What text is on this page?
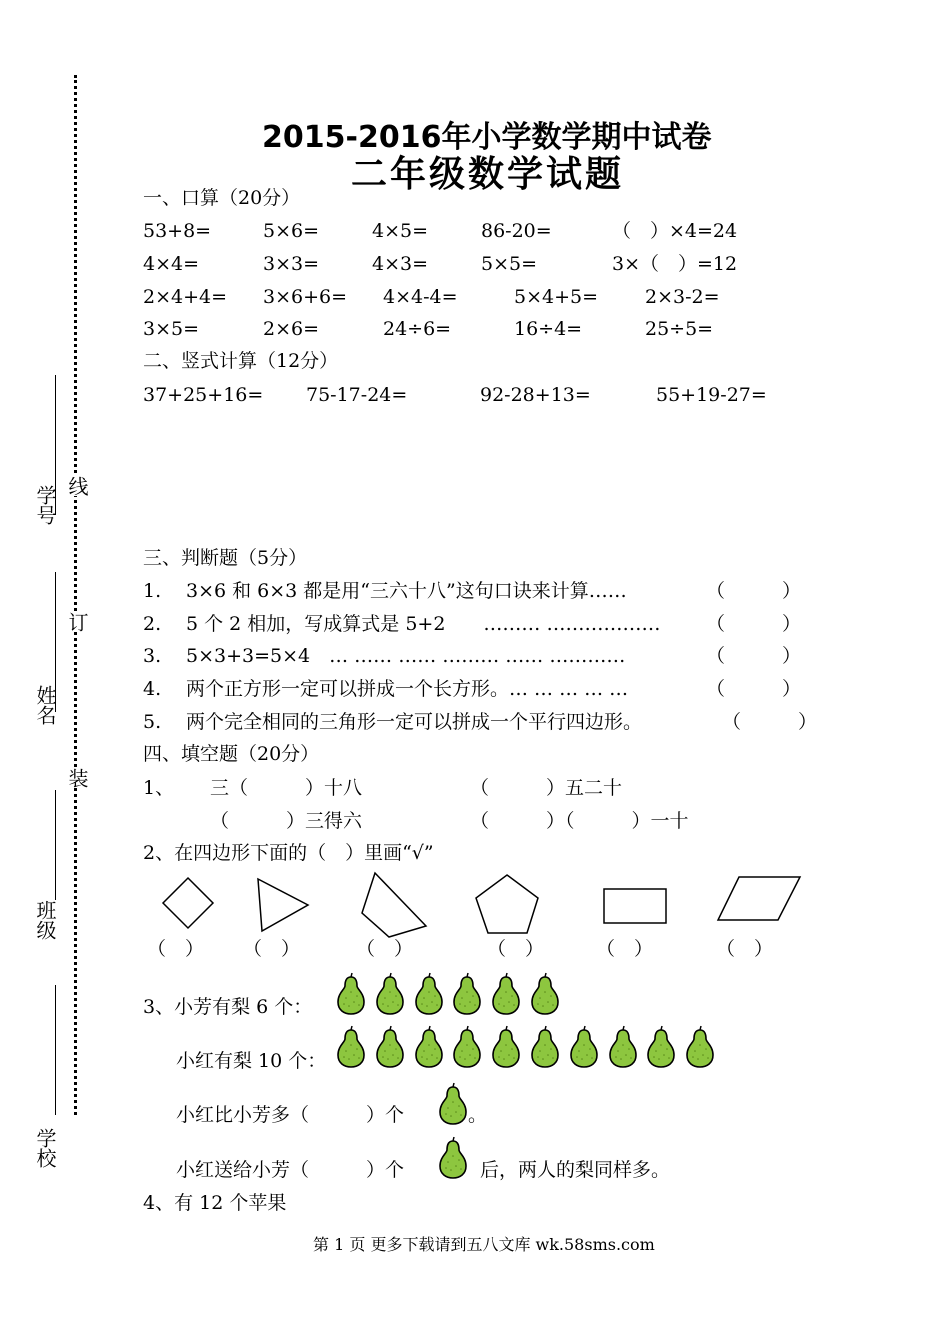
线
订
装
学号
姓名
班级
学校
2015-2016年小学数学期中试卷
二年级数学试题
一、口算（20分）
53+8=	5×6=	4×5=	86-20=	（　）×4=24
4×4=	3×3=	4×3=	5×5=	3×（　）=12
2×4+4= 3×6+6= 4×4-4=	5×4+5= 2×3-2=
3×5=	2×6=	24÷6=	16÷4=	25÷5=
二、竖式计算（12分）
37+25+16= 75-17-24=	92-28+13=	55+19-27=
三、判断题（5分）
1. 3×6 和 6×3 都是用“三六十八”这句口诀来计算……	（　　　）
2. 5 个 2 相加，写成算式是 5+2　　……… ……………… （　　　）
3. 5×3+3=5×4　… …… …… ……… …… …………	（　　　）
4. 两个正方形一定可以拼成一个长方形。… … … … …	（　　　）
5. 两个完全相同的三角形一定可以拼成一个平行四边形。	（　　　）
四、填空题（20分）
1、 三（　　　）十八	（　　　）五二十
（　　　）三得六	（　　　）（　　　）一十
2、在四边形下面的（　）里画“√”
（　） （　）	（　）	（　）	（　）	（　）
3、小芳有梨 6 个：
小红有梨 10 个：
小红比小芳多（　　　）个	。
小红送给小芳（　　　）个	后，两人的梨同样多。
4、有 12 个苹果
第 1 页 更多下载请到五八文库 wk.58sms.com
